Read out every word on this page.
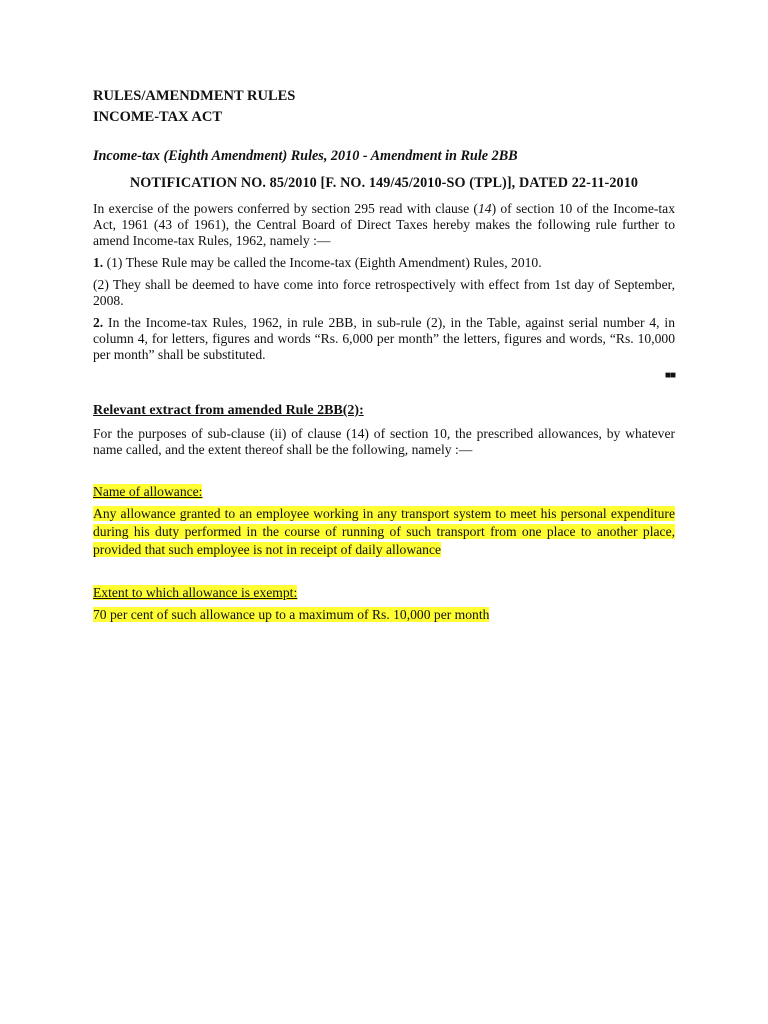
RULES/AMENDMENT RULES

INCOME-TAX ACT

Income-tax (Eighth Amendment) Rules, 2010 - Amendment in Rule 2BB

NOTIFICATION NO. 85/2010 [F. NO. 149/45/2010-SO (TPL)], DATED 22-11-2010

In exercise of the powers conferred by section 295 read with clause (14) of section 10 of the Income-tax Act, 1961 (43 of 1961), the Central Board of Direct Taxes hereby makes the following rule further to amend Income-tax Rules, 1962, namely :—

1. (1) These Rule may be called the Income-tax (Eighth Amendment) Rules, 2010.

(2) They shall be deemed to have come into force retrospectively with effect from 1st day of September, 2008.

2. In the Income-tax Rules, 1962, in rule 2BB, in sub-rule (2), in the Table, against serial number 4, in column 4, for letters, figures and words “Rs. 6,000 per month” the letters, figures and words, “Rs. 10,000 per month” shall be substituted.

■■

Relevant extract from amended Rule 2BB(2):

For the purposes of sub-clause (ii) of clause (14) of section 10, the prescribed allowances, by whatever name called, and the extent thereof shall be the following, namely :—

Name of allowance:

Any allowance granted to an employee working in any transport system to meet his personal expenditure during his duty performed in the course of running of such transport from one place to another place, provided that such employee is not in receipt of daily allowance

Extent to which allowance is exempt:

70 per cent of such allowance up to a maximum of Rs. 10,000 per month
